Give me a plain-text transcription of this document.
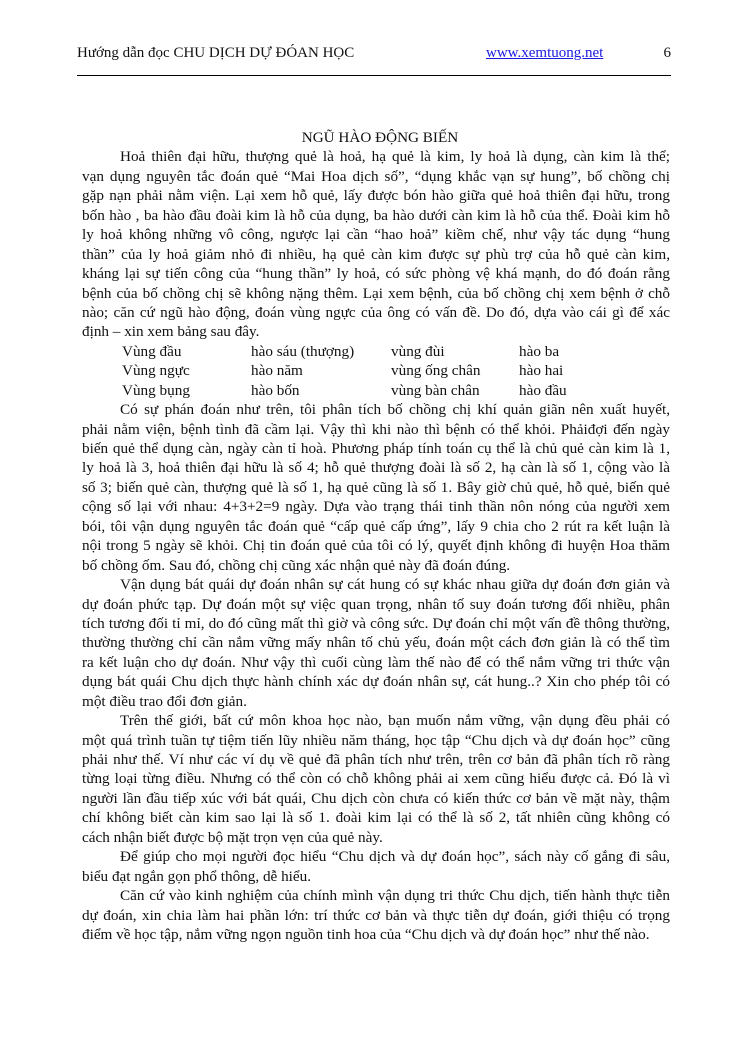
Hướng dẫn đọc CHU DỊCH DỰ ĐÓAN HỌC	www.xemtuong.net	6
NGŨ HÀO ĐỘNG BIẾN
Hoả thiên đại hữu, thượng quẻ là hoả, hạ quẻ là kim, ly hoả là dụng, càn kim là thể;
vạn dụng nguyên tắc đoán quẻ “Mai Hoa dịch số”, “dụng khắc vạn sự hung”, bố chồng chị
gặp nạn phải nằm viện. Lại xem hỗ quẻ, lấy được bón hào giữa quẻ hoả thiên đại hữu, trong
bốn hào , ba hào đầu đoài kim là hỗ của dụng, ba hào dưới càn kim là hỗ của thể. Đoài kim hỗ
ly hoả không những vô công, ngược lại cần “hao hoả” kiềm chế, như vậy tác dụng “hung
thần” của ly hoả giảm nhỏ đi nhiều, hạ quẻ càn kim được sự phù trợ của hỗ quẻ càn kim,
kháng lại sự tiến công của “hung thần” ly hoả, có sức phòng vệ khá mạnh, do đó đoán rằng
bệnh của bố chồng chị sẽ không nặng thêm. Lại xem bệnh, của bố chồng chị xem bệnh ở chỗ
nào; căn cứ ngũ hào động, đoán vùng ngực của ông có vấn đề. Do đó, dựa vào cái gì để xác
định – xin xem bảng sau đây.
Vùng đầu	hào sáu (thượng) vùng đùi	hào ba
Vùng ngực	hào năm	vùng ống chân	hào hai
Vùng bụng	hào bốn	vùng bàn chân	hào đầu
Có sự phán đoán như trên, tôi phân tích bố chồng chị khí quản giãn nên xuất huyết,
phải nằm viện, bệnh tình đã cầm lại. Vậy thì khi nào thì bệnh có thể khỏi. Phảiđợi đến ngày
biến quẻ thể dụng càn, ngày càn tỉ hoà. Phương pháp tính toán cụ thể là chủ quẻ càn kim là 1,
ly hoả là 3, hoả thiên đại hữu là số 4; hỗ quẻ thượng đoài là số 2, hạ càn là số 1, cộng vào là
số 3; biến quẻ càn, thượng quẻ là số 1, hạ quẻ cũng là số 1. Bây giờ chủ quẻ, hỗ quẻ, biến quẻ
cộng số lại với nhau: 4+3+2=9 ngày. Dựa vào trạng thái tinh thần nôn nóng của người xem
bói, tôi vận dụng nguyên tắc đoán quẻ “cấp quẻ cấp ứng”, lấy 9 chia cho 2 rút ra kết luận là
nội trong 5 ngày sẽ khỏi. Chị tin đoán quẻ của tôi có lý, quyết định không đi huyện Hoa thăm
bố chồng ốm. Sau đó, chồng chị cũng xác nhận quẻ này đã đoán đúng.
Vận dụng bát quái dự đoán nhân sự cát hung có sự khác nhau giữa dự đoán đơn giản và
dự đoán phức tạp. Dự đoán một sự việc quan trọng, nhân tố suy đoán tương đối nhiều, phân
tích tương đối tỉ mỉ, do đó cũng mất thì giờ và công sức. Dự đoán chỉ một vấn đề thông thường,
thường thường chỉ cần nắm vững mấy nhân tố chủ yếu, đoán một cách đơn giản là có thể tìm
ra kết luận cho dự đoán. Như vậy thì cuối cùng làm thế nào để có thể nắm vững tri thức vận
dụng bát quái Chu dịch thực hành chính xác dự đoán nhân sự, cát hung..? Xin cho phép tôi có
một điều trao đổi đơn giản.
Trên thế giới, bất cứ môn khoa học nào, bạn muốn nắm vững, vận dụng đều phải có
một quá trình tuần tự tiệm tiến lũy nhiều năm tháng, học tập “Chu dịch và dự đoán học” cũng
phải như thế. Ví như các ví dụ về quẻ đã phân tích như trên, trên cơ bản đã phân tích rõ ràng
từng loại từng điều. Nhưng có thể còn có chỗ không phải ai xem cũng hiểu được cả. Đó là vì
người lần đầu tiếp xúc với bát quái, Chu dịch còn chưa có kiến thức cơ bản về mặt này, thậm
chí không biết càn kim sao lại là số 1. đoài kim lại có thể là số 2, tất nhiên cũng không có
cách nhận biết được bộ mặt trọn vẹn của quẻ này.
Để giúp cho mọi người đọc hiểu “Chu dịch và dự đoán học”, sách này cố gắng đi sâu,
biểu đạt ngắn gọn phổ thông, dễ hiểu.
Căn cứ vào kinh nghiệm của chính mình vận dụng tri thức Chu dịch, tiến hành thực tiễn
dự đoán, xin chia làm hai phần lớn: trí thức cơ bản và thực tiễn dự đoán, giới thiệu có trọng
điểm về học tập, nắm vững ngọn nguồn tinh hoa của “Chu dịch và dự đoán học” như thế nào.
